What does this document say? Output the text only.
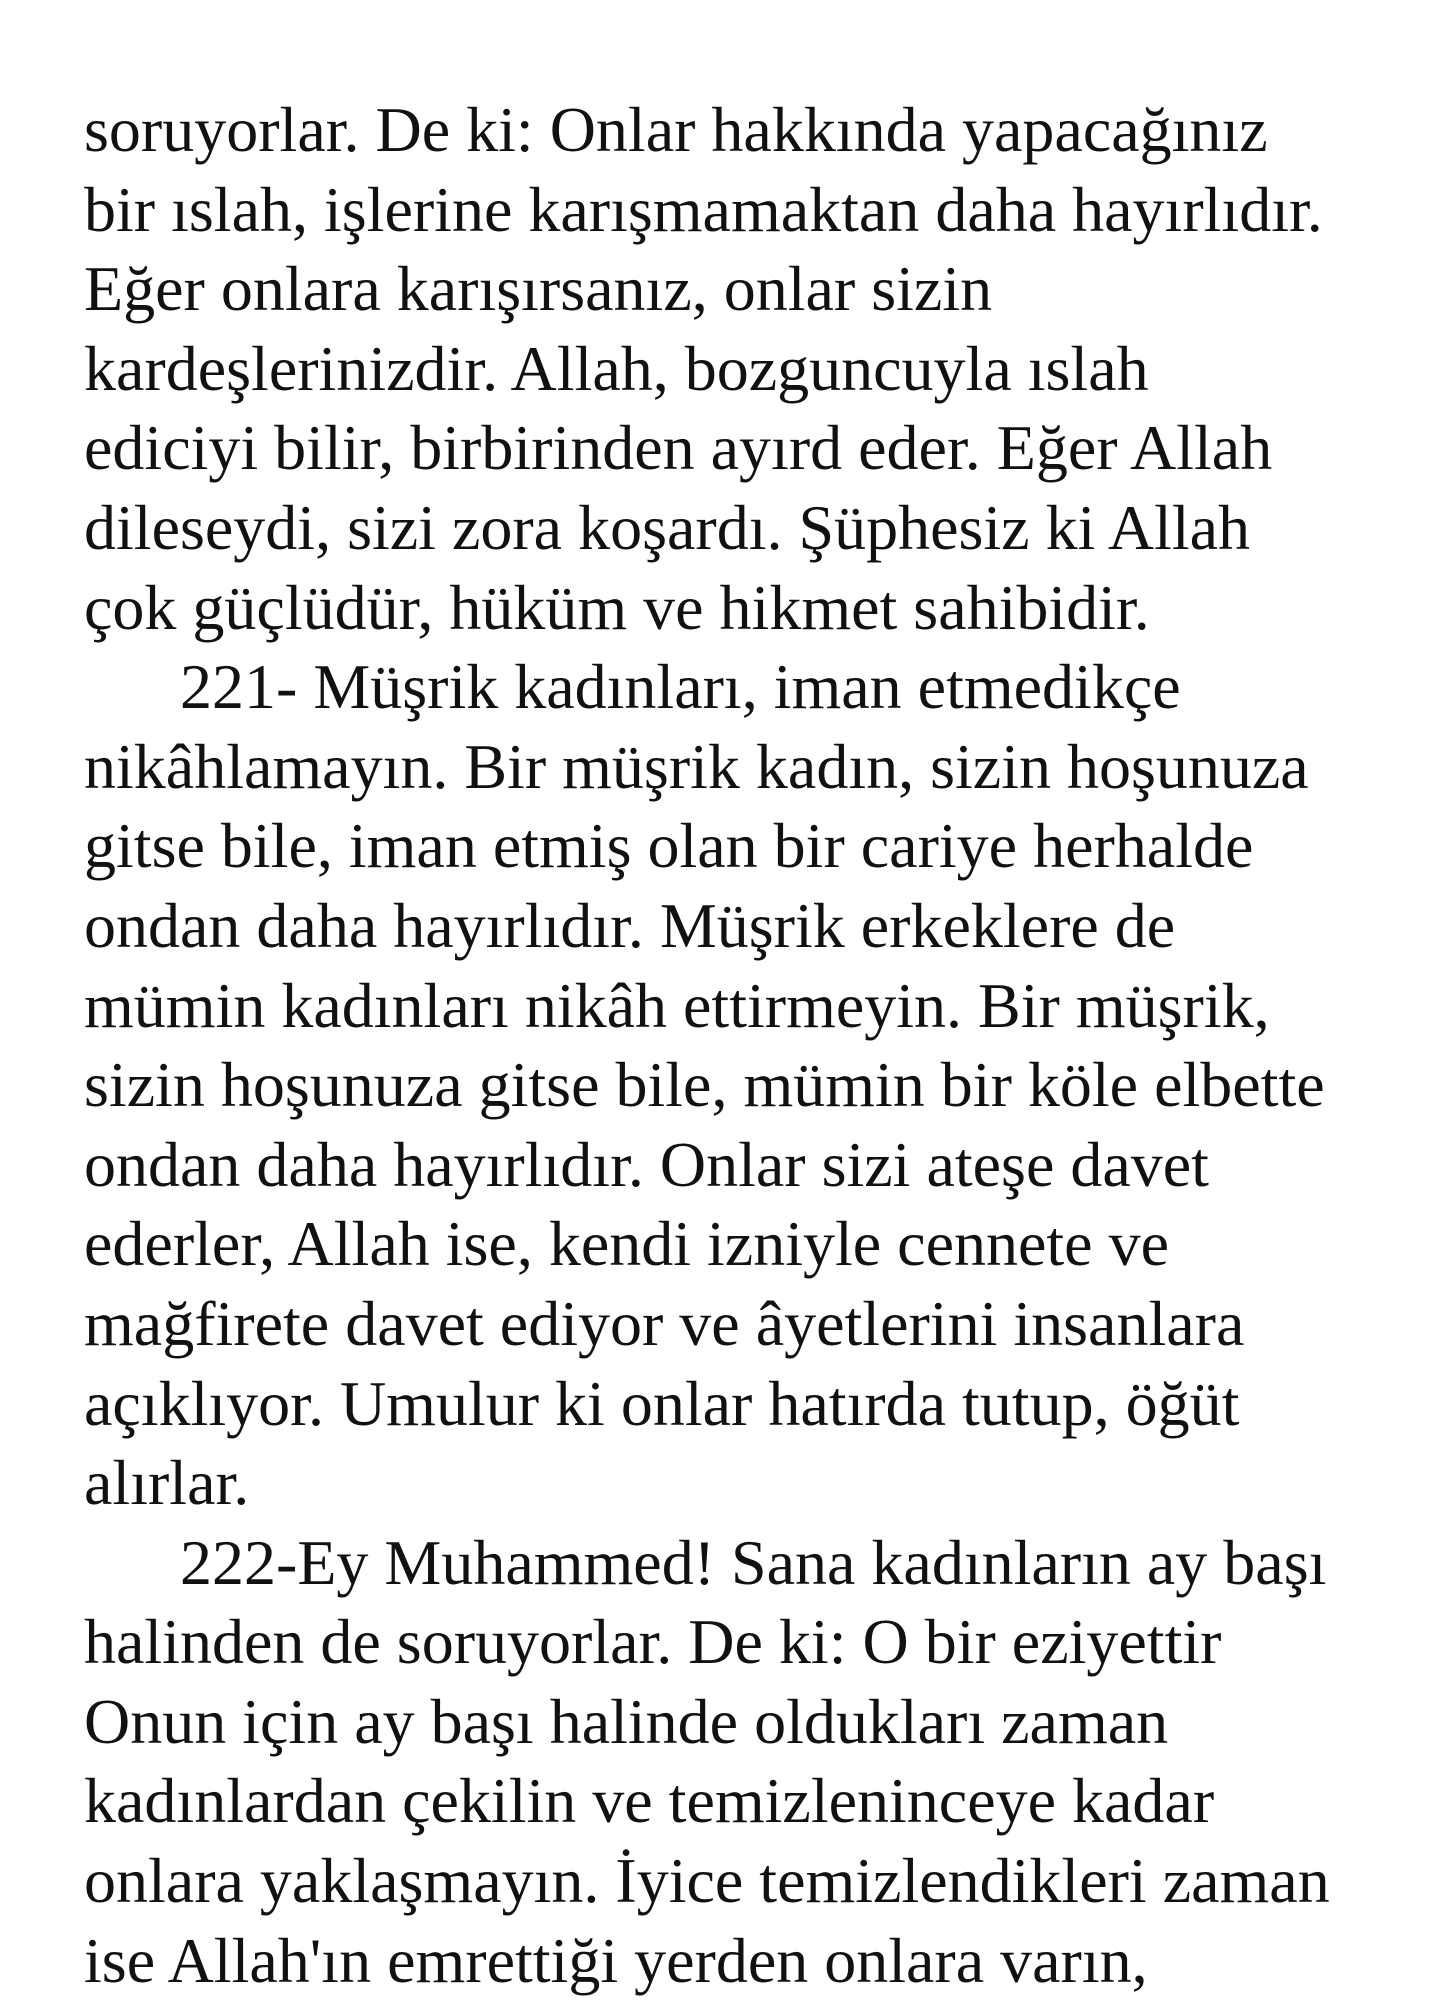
soruyorlar. De ki: Onlar hakkında yapacağınız
bir ıslah, işlerine karışmamaktan daha hayırlıdır.
Eğer onlara karışırsanız, onlar sizin
kardeşlerinizdir. Allah, bozguncuyla ıslah
ediciyi bilir, birbirinden ayırd eder. Eğer Allah
dileseydi, sizi zora koşardı. Şüphesiz ki Allah
çok güçlüdür, hüküm ve hikmet sahibidir.
221- Müşrik kadınları, iman etmedikçe
nikâhlamayın. Bir müşrik kadın, sizin hoşunuza
gitse bile, iman etmiş olan bir cariye herhalde
ondan daha hayırlıdır. Müşrik erkeklere de
mümin kadınları nikâh ettirmeyin. Bir müşrik,
sizin hoşunuza gitse bile, mümin bir köle elbette
ondan daha hayırlıdır. Onlar sizi ateşe davet
ederler, Allah ise, kendi izniyle cennete ve
mağfirete davet ediyor ve âyetlerini insanlara
açıklıyor. Umulur ki onlar hatırda tutup, öğüt
alırlar.
222-Ey Muhammed! Sana kadınların ay başı
halinden de soruyorlar. De ki: O bir eziyettir
Onun için ay başı halinde oldukları zaman
kadınlardan çekilin ve temizleninceye kadar
onlara yaklaşmayın. İyice temizlendikleri zaman
ise Allah'ın emrettiği yerden onlara varın,
